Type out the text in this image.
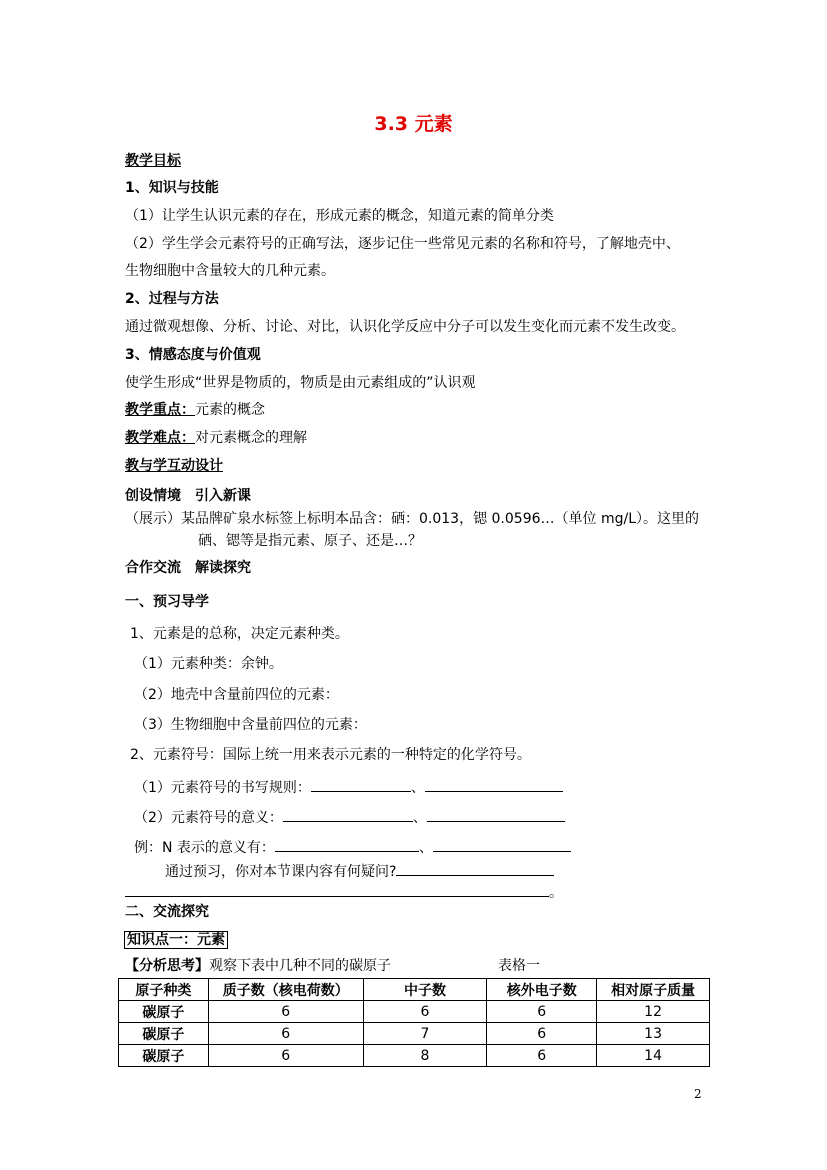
3.3 元素
教学目标
1、知识与技能
（1）让学生认识元素的存在，形成元素的概念，知道元素的简单分类
（2）学生学会元素符号的正确写法，逐步记住一些常见元素的名称和符号，了解地壳中、
生物细胞中含量较大的几种元素。
2、过程与方法
通过微观想像、分析、讨论、对比，认识化学反应中分子可以发生变化而元素不发生改变。
3、情感态度与价值观
使学生形成“世界是物质的，物质是由元素组成的”认识观
教学重点：元素的概念
教学难点：对元素概念的理解
教与学互动设计
创设情境　引入新课
（展示）某品牌矿泉水标签上标明本品含：硒：0.013，锶 0.0596…（单位 mg/L）。这里的
硒、锶等是指元素、原子、还是…？
合作交流　解读探究
一、预习导学
1、元素是的总称，决定元素种类。
（1）元素种类：余钟。
（2）地壳中含量前四位的元素：
（3）生物细胞中含量前四位的元素：
2、元素符号：国际上统一用来表示元素的一种特定的化学符号。
（1）元素符号的书写规则：	、
（2）元素符号的意义：	、
例：N 表示的意义有：	、
通过预习，你对本节课内容有何疑问?
。
二、交流探究
知识点一：元素
【分析思考】观察下表中几种不同的碳原子	表格一
原子种类	质子数（核电荷数）	中子数	核外电子数	相对原子质量
碳原子	6	6	6	12
碳原子	6	7	6	13
碳原子	6	8	6	14
2
